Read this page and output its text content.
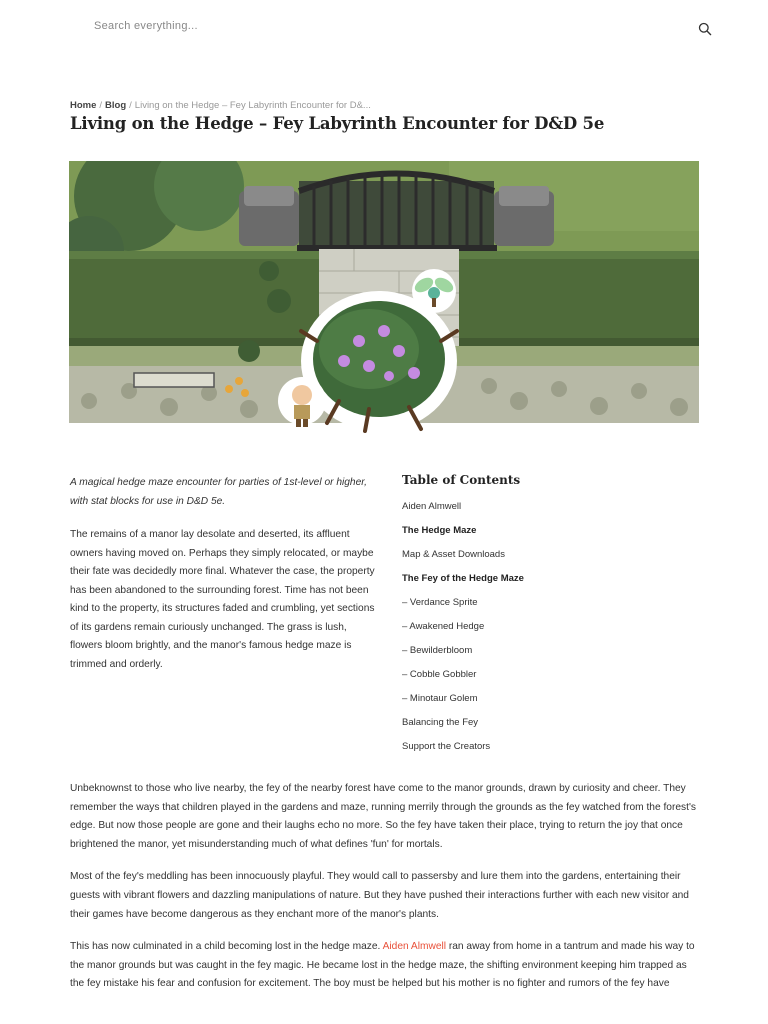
Search everything...
Home / Blog / Living on the Hedge – Fey Labyrinth Encounter for D&...
Living on the Hedge – Fey Labyrinth Encounter for D&D 5e

A magical hedge maze encounter for parties of 1st-level or higher, with stat blocks for use in D&D 5e.

The remains of a manor lay desolate and deserted, its affluent owners having moved on. Perhaps they simply relocated, or maybe their fate was decidedly more final. Whatever the case, the property has been abandoned to the surrounding forest. Time has not been kind to the property, its structures faded and crumbling, yet sections of its gardens remain curiously unchanged. The grass is lush, flowers bloom brightly, and the manor's famous hedge maze is trimmed and orderly.

Table of Contents
Aiden Almwell
The Hedge Maze
Map & Asset Downloads
The Fey of the Hedge Maze
– Verdance Sprite
– Awakened Hedge
– Bewilderbloom
– Cobble Gobbler
– Minotaur Golem
Balancing the Fey
Support the Creators

Unbeknownst to those who live nearby, the fey of the nearby forest have come to the manor grounds, drawn by curiosity and cheer. They remember the ways that children played in the gardens and maze, running merrily through the grounds as the fey watched from the forest's edge. But now those people are gone and their laughs echo no more. So the fey have taken their place, trying to return the joy that once brightened the manor, yet misunderstanding much of what defines 'fun' for mortals.

Most of the fey's meddling has been innocuously playful. They would call to passersby and lure them into the gardens, entertaining their guests with vibrant flowers and dazzling manipulations of nature. But they have pushed their interactions further with each new visitor and their games have become dangerous as they enchant more of the manor's plants.

This has now culminated in a child becoming lost in the hedge maze. Aiden Almwell ran away from home in a tantrum and made his way to the manor grounds but was caught in the fey magic. He became lost in the hedge maze, the shifting environment keeping him trapped as the fey mistake his fear and confusion for excitement. The boy must be helped but his mother is no fighter and rumors of the fey have
